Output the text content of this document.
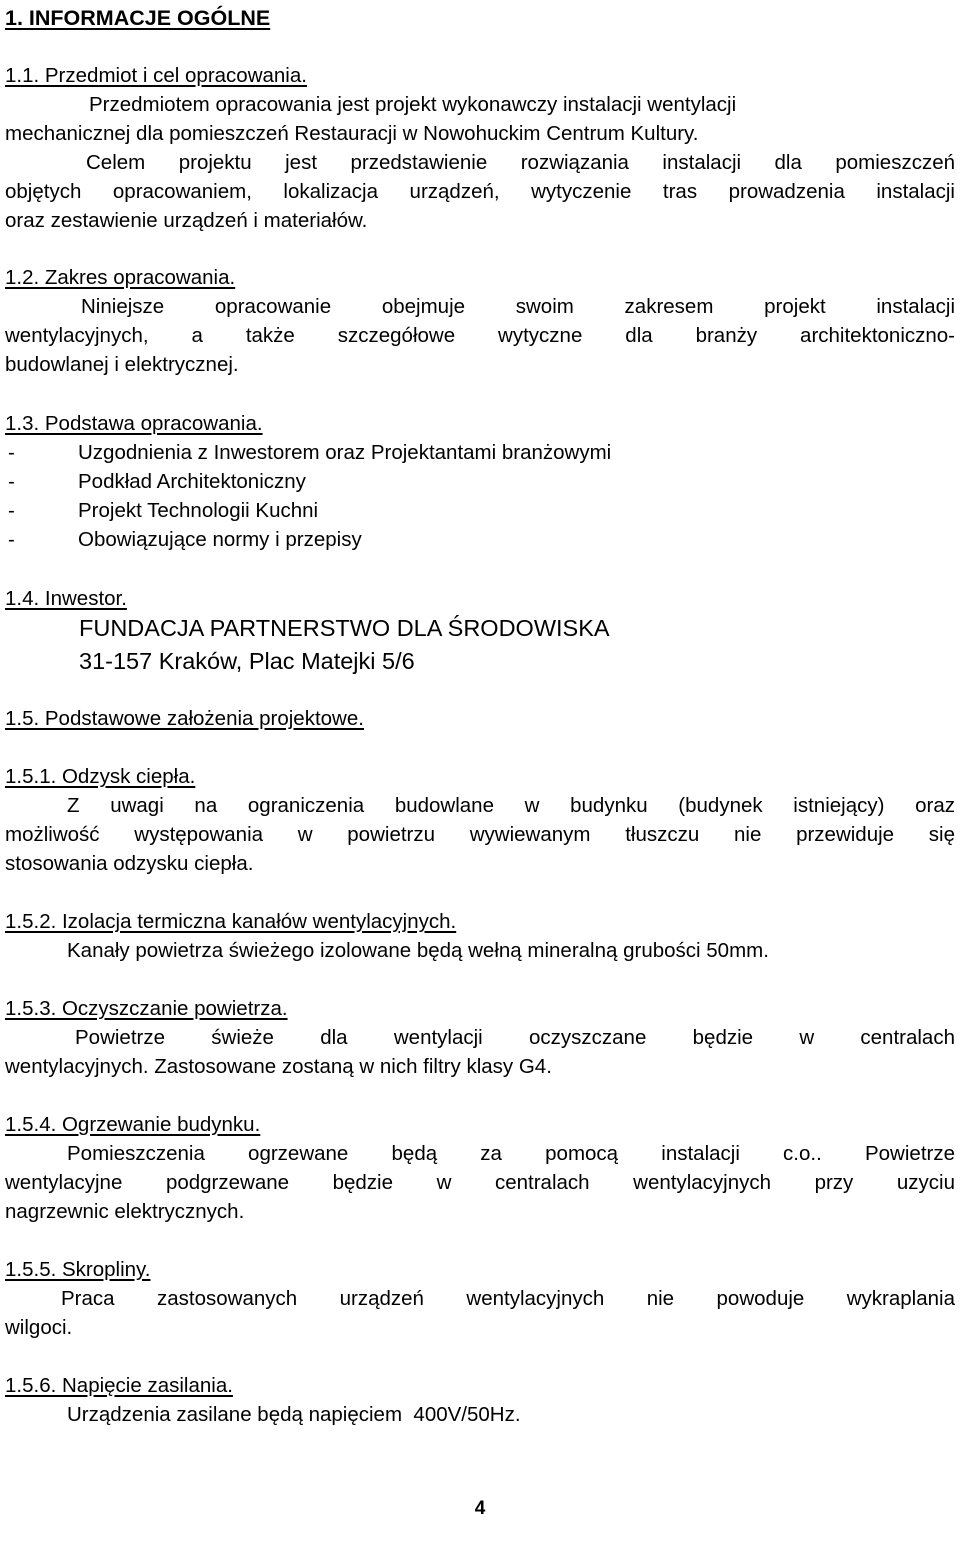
1. INFORMACJE OGÓLNE
1.1. Przedmiot i cel opracowania.
Przedmiotem opracowania jest projekt wykonawczy instalacji wentylacji
mechanicznej dla pomieszczeń Restauracji w Nowohuckim Centrum Kultury.
Celem projektu jest przedstawienie rozwiązania instalacji dla pomieszczeń
objętych opracowaniem, lokalizacja urządzeń, wytyczenie tras prowadzenia instalacji
oraz zestawienie urządzeń i materiałów.
1.2. Zakres opracowania.
Niniejsze opracowanie obejmuje swoim zakresem projekt instalacji
wentylacyjnych, a także szczegółowe wytyczne dla branży architektoniczno-
budowlanej i elektrycznej.
1.3. Podstawa opracowania.
-	Uzgodnienia z Inwestorem oraz Projektantami branżowymi
-	Podkład Architektoniczny
-	Projekt Technologii Kuchni
-	Obowiązujące normy i przepisy
1.4. Inwestor.
FUNDACJA PARTNERSTWO DLA ŚRODOWISKA
31-157 Kraków, Plac Matejki 5/6
1.5. Podstawowe założenia projektowe.
1.5.1. Odzysk ciepła.
Z uwagi na ograniczenia budowlane w budynku (budynek istniejący) oraz
możliwość występowania w powietrzu wywiewanym tłuszczu nie przewiduje się
stosowania odzysku ciepła.
1.5.2. Izolacja termiczna kanałów wentylacyjnych.
Kanały powietrza świeżego izolowane będą wełną mineralną grubości 50mm.
1.5.3. Oczyszczanie powietrza.
Powietrze świeże dla wentylacji oczyszczane będzie w centralach
wentylacyjnych. Zastosowane zostaną w nich filtry klasy G4.
1.5.4. Ogrzewanie budynku.
Pomieszczenia ogrzewane będą za pomocą instalacji c.o.. Powietrze
wentylacyjne podgrzewane będzie w centralach wentylacyjnych przy uzyciu
nagrzewnic elektrycznych.
1.5.5. Skropliny.
Praca zastosowanych urządzeń wentylacyjnych nie powoduje wykraplania
wilgoci.
1.5.6. Napięcie zasilania.
Urządzenia zasilane będą napięciem  400V/50Hz.
4
